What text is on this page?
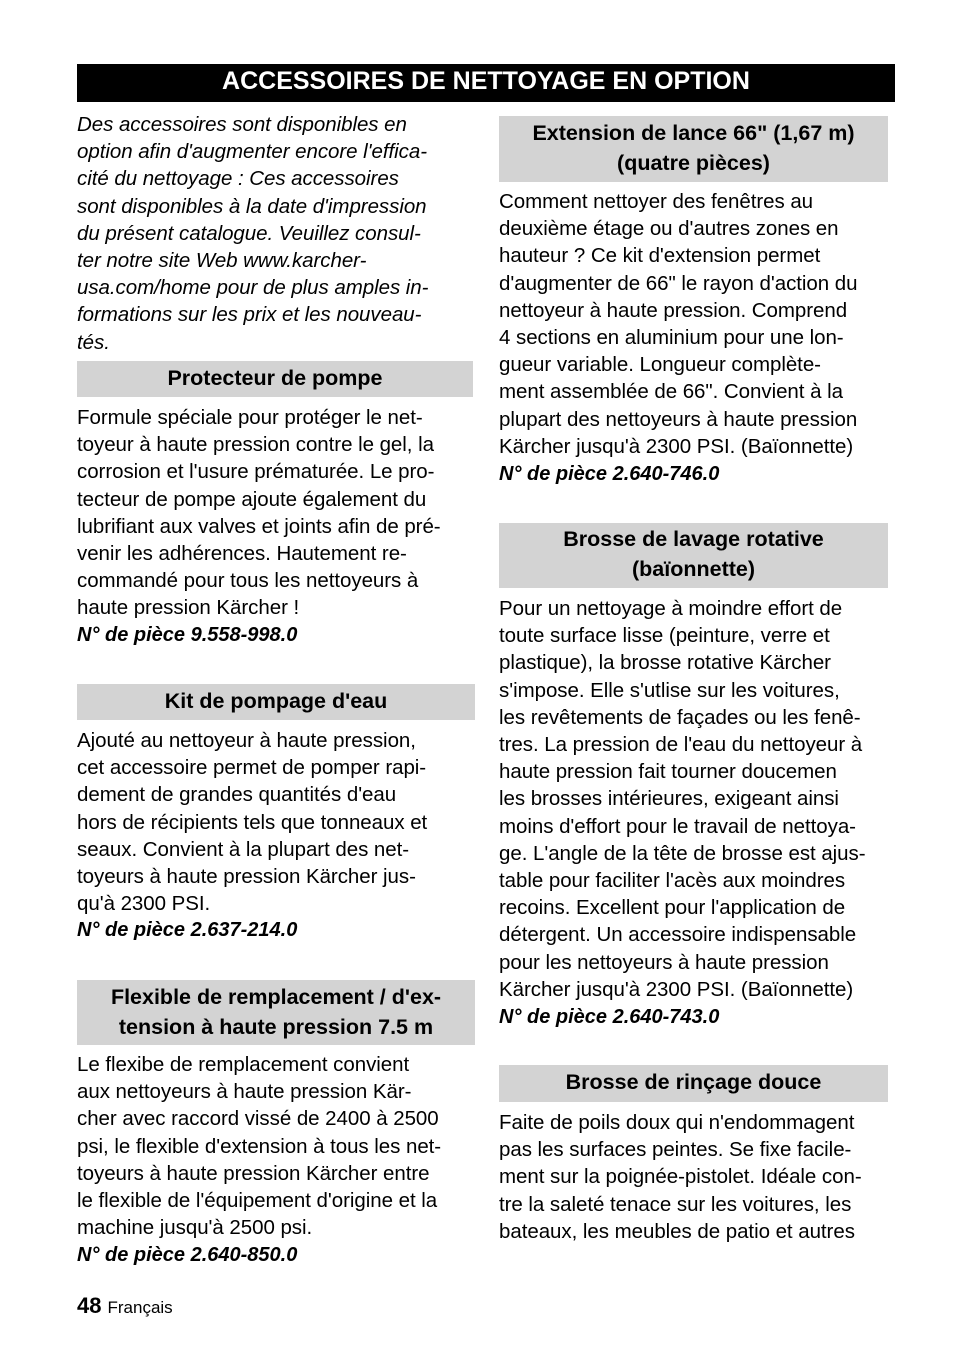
ACCESSOIRES DE NETTOYAGE EN OPTION

Des accessoires sont disponibles en
option afin d'augmenter encore l'effica-
cité du nettoyage : Ces accessoires
sont disponibles à la date d'impression
du présent catalogue. Veuillez consul-
ter notre site Web www.karcher-
usa.com/home pour de plus amples in-
formations sur les prix et les nouveau-
tés.

Protecteur de pompe

Formule spéciale pour protéger le net-
toyeur à haute pression contre le gel, la
corrosion et l'usure prématurée. Le pro-
tecteur de pompe ajoute également du
lubrifiant aux valves et joints afin de pré-
venir les adhérences. Hautement re-
commandé pour tous les nettoyeurs à
haute pression Kärcher !

N° de pièce 9.558-998.0

Kit de pompage d'eau

Ajouté au nettoyeur à haute pression,
cet accessoire permet de pomper rapi-
dement de grandes quantités d'eau
hors de récipients tels que tonneaux et
seaux. Convient à la plupart des net-
toyeurs à haute pression Kärcher jus-
qu'à 2300 PSI.

N° de pièce 2.637-214.0

Flexible de remplacement / d'ex-
tension à haute pression 7.5 m

Le flexibe de remplacement convient
aux nettoyeurs à haute pression Kär-
cher avec raccord vissé de 2400 à 2500
psi, le flexible d'extension à tous les net-
toyeurs à haute pression Kärcher entre
le flexible de l'équipement d'origine et la
machine jusqu'à 2500 psi.

N° de pièce 2.640-850.0

Extension de lance 66" (1,67 m)
(quatre pièces)

Comment nettoyer des fenêtres au
deuxième étage ou d'autres zones en
hauteur ? Ce kit d'extension permet
d'augmenter de 66" le rayon d'action du
nettoyeur à haute pression. Comprend
4 sections en aluminium pour une lon-
gueur variable. Longueur complète-
ment assemblée de 66". Convient à la
plupart des nettoyeurs à haute pression
Kärcher jusqu'à 2300 PSI. (Baïonnette)

N° de pièce 2.640-746.0

Brosse de lavage rotative
(baïonnette)

Pour un nettoyage à moindre effort de
toute surface lisse (peinture, verre et
plastique), la brosse rotative Kärcher
s'impose. Elle s'utlise sur les voitures,
les revêtements de façades ou les fenê-
tres. La pression de l'eau du nettoyeur à
haute pression fait tourner doucemen
les brosses intérieures, exigeant ainsi
moins d'effort pour le travail de nettoya-
ge. L'angle de la tête de brosse est ajus-
table pour faciliter l'acès aux moindres
recoins. Excellent pour l'application de
détergent. Un accessoire indispensable
pour les nettoyeurs à haute pression
Kärcher jusqu'à 2300 PSI. (Baïonnette)

N° de pièce 2.640-743.0

Brosse de rinçage douce

Faite de poils doux qui n'endommagent
pas les surfaces peintes. Se fixe facile-
ment sur la poignée-pistolet. Idéale con-
tre la saleté tenace sur les voitures, les
bateaux, les meubles de patio et autres

48 Français
